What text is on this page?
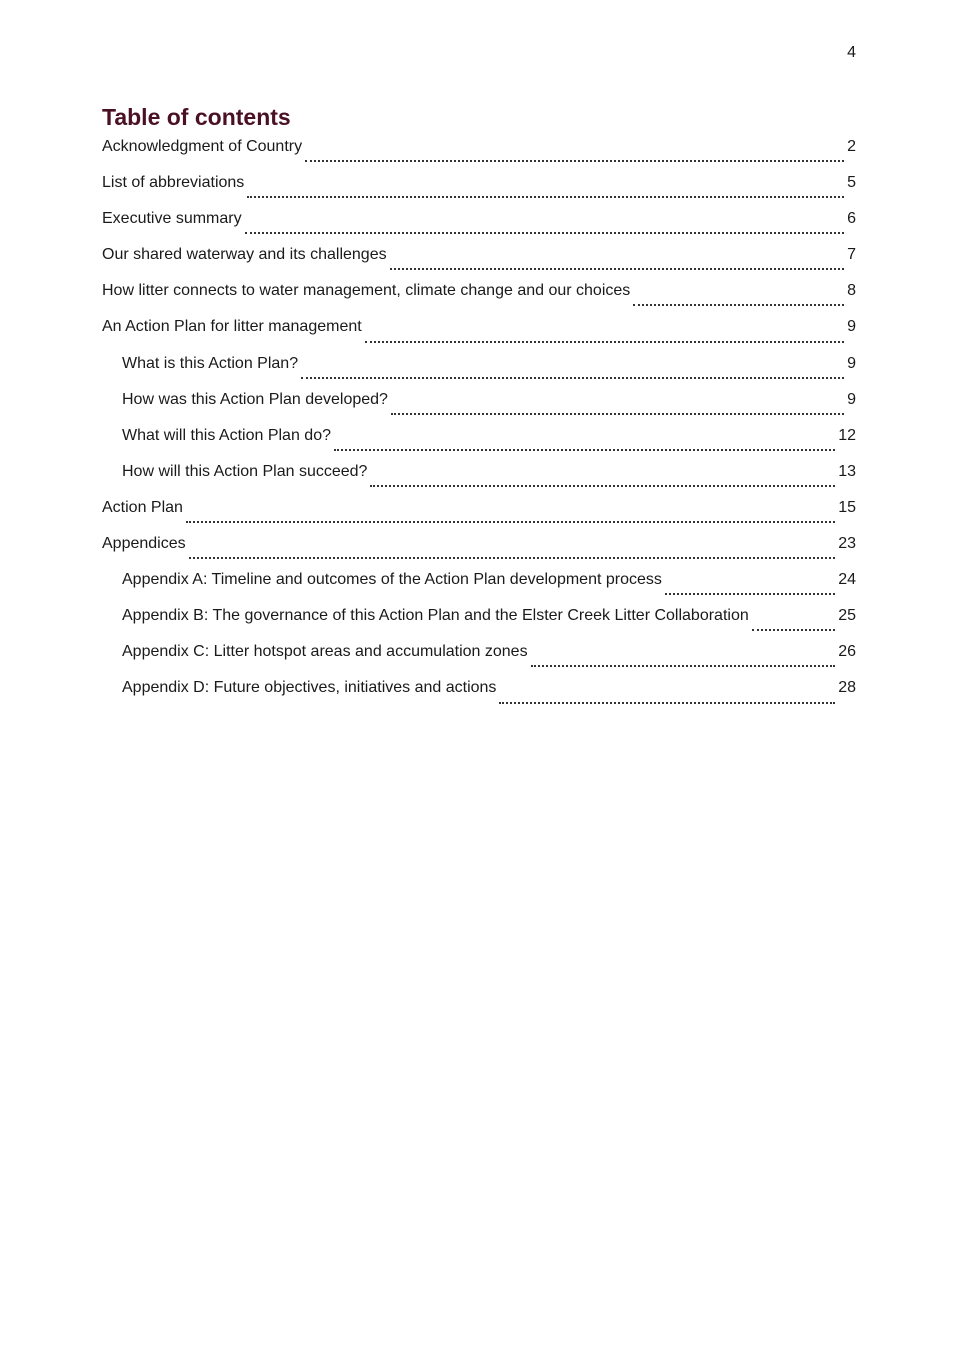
4
Table of contents
Acknowledgment of Country	2
List of abbreviations	5
Executive summary	6
Our shared waterway and its challenges	7
How litter connects to water management, climate change and our choices	8
An Action Plan for litter management	9
What is this Action Plan?	9
How was this Action Plan developed?	9
What will this Action Plan do?	12
How will this Action Plan succeed?	13
Action Plan	15
Appendices	23
Appendix A: Timeline and outcomes of the Action Plan development process	24
Appendix B: The governance of this Action Plan and the Elster Creek Litter Collaboration	25
Appendix C: Litter hotspot areas and accumulation zones	26
Appendix D: Future objectives, initiatives and actions	28
